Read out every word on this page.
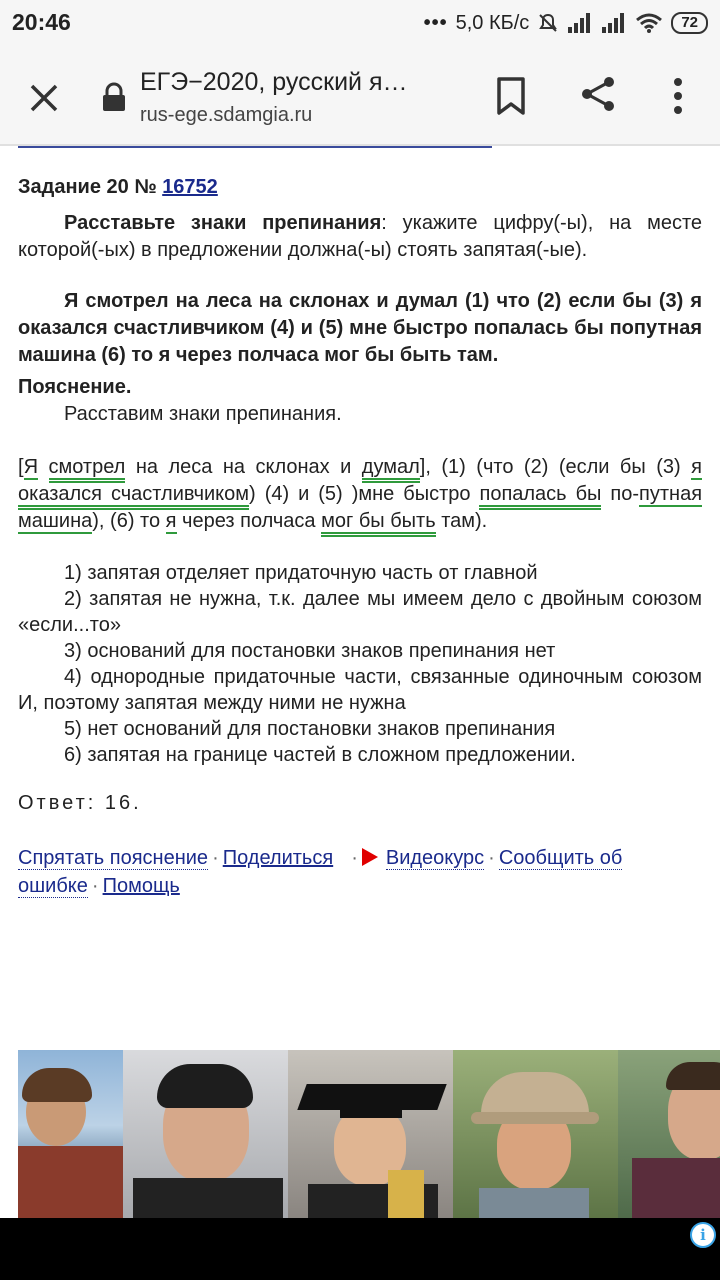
20:46	••• 5,0 КБ/с	72
ЕГЭ−2020, русский я…
rus-ege.sdamgia.ru
Задание 20 № 16752
Расставьте знаки препинания: укажите цифру(-ы), на месте которой(-ых) в предложении должна(-ы) стоять запятая(-ые).
Я смотрел на леса на склонах и думал (1) что (2) если бы (3) я оказался счастливчиком (4) и (5) мне быстро попалась бы попутная машина (6) то я через полчаса мог бы быть там.
Пояснение.
Расставим знаки препинания.
[Я смотрел на леса на склонах и думал], (1) (что (2) (если бы (3) я оказался счастливчиком) (4) и (5) )мне быстро попалась бы по-путная машина), (6) то я через полчаса мог бы быть там).

1) запятая отделяет придаточную часть от главной

2) запятая не нужна, т.к. далее мы имеем дело с двойным союзом «если...то»

3) оснований для постановки знаков препинания нет

4) однородные придаточные части, связанные одиночным союзом И, поэтому запятая между ними не нужна

5) нет оснований для постановки знаков препинания

6) запятая на границе частей в сложном предложении.

Ответ: 16.
Спрятать пояснение · Поделиться · Видеокурс · Сообщить об ошибке · Помощь
i
